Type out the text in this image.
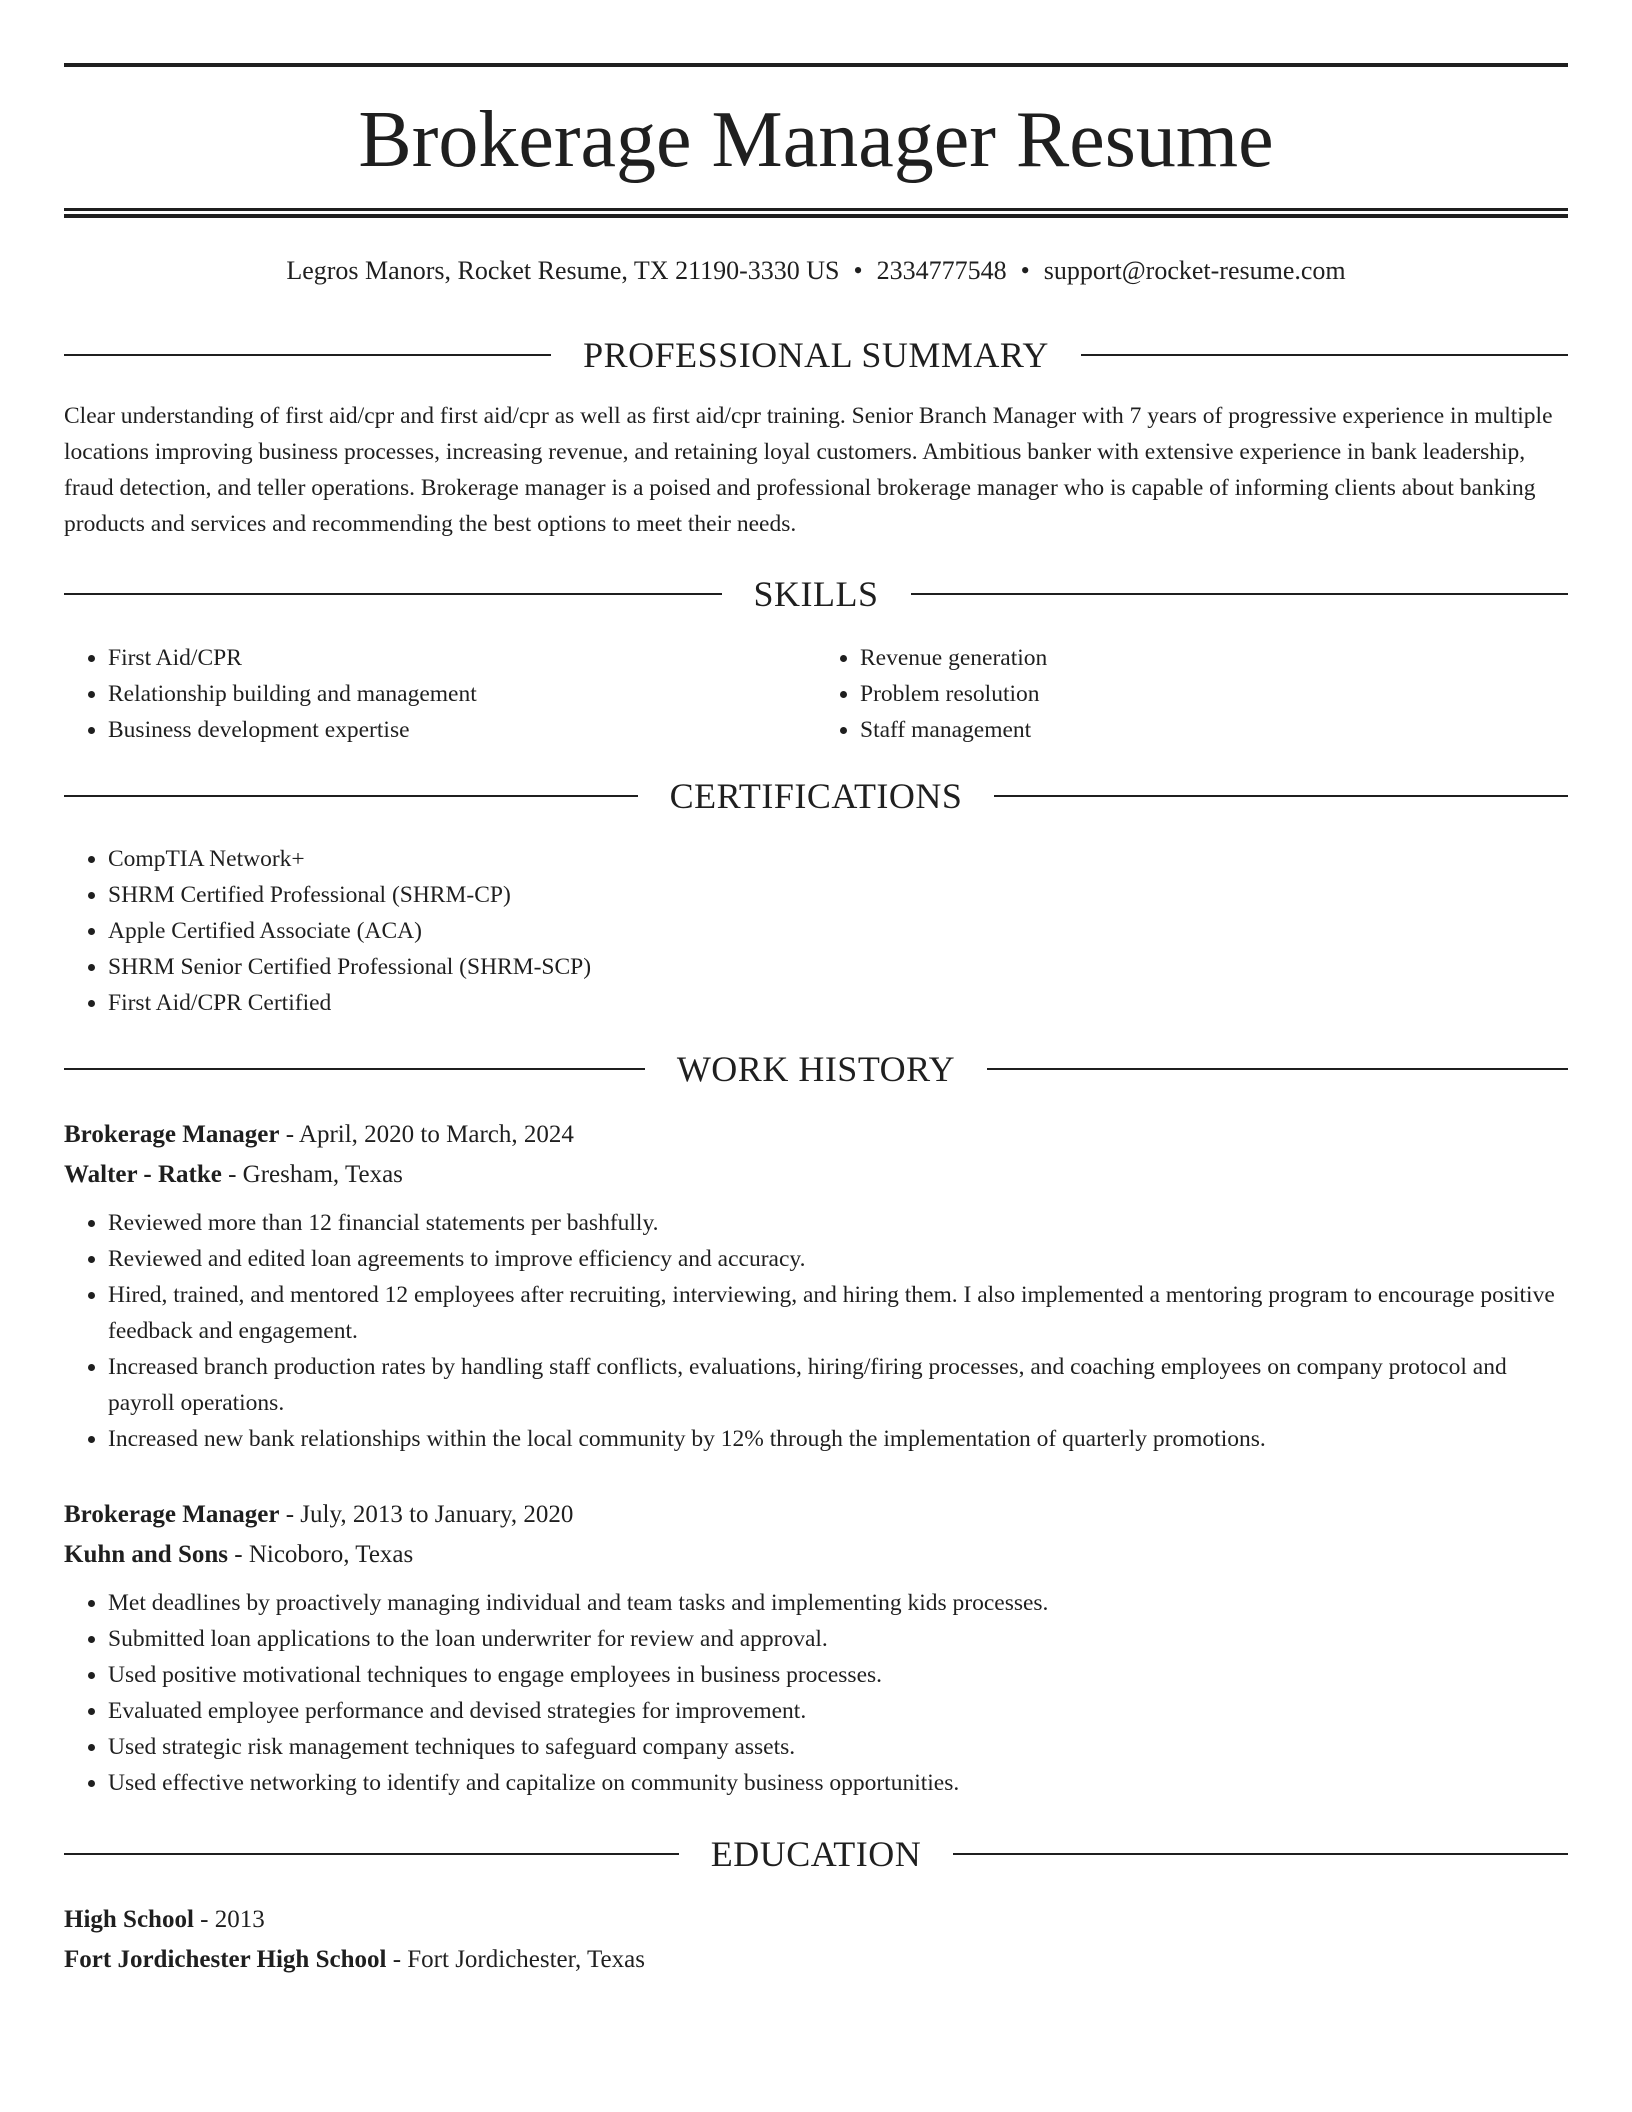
Brokerage Manager Resume
Legros Manors, Rocket Resume, TX 21190-3330 US • 2334777548 • support@rocket-resume.com
PROFESSIONAL SUMMARY

Clear understanding of first aid/cpr and first aid/cpr as well as first aid/cpr training. Senior Branch Manager with 7 years of progressive experience in multiple locations improving business processes, increasing revenue, and retaining loyal customers. Ambitious banker with extensive experience in bank leadership, fraud detection, and teller operations. Brokerage manager is a poised and professional brokerage manager who is capable of informing clients about banking products and services and recommending the best options to meet their needs.

SKILLS
• First Aid/CPR
• Relationship building and management
• Business development expertise
• Revenue generation
• Problem resolution
• Staff management
CERTIFICATIONS
• CompTIA Network+
• SHRM Certified Professional (SHRM-CP)
• Apple Certified Associate (ACA)
• SHRM Senior Certified Professional (SHRM-SCP)
• First Aid/CPR Certified
WORK HISTORY
Brokerage Manager - April, 2020 to March, 2024
Walter - Ratke - Gresham, Texas
• Reviewed more than 12 financial statements per bashfully.
• Reviewed and edited loan agreements to improve efficiency and accuracy.
• Hired, trained, and mentored 12 employees after recruiting, interviewing, and hiring them. I also implemented a mentoring program to encourage positive feedback and engagement.
• Increased branch production rates by handling staff conflicts, evaluations, hiring/firing processes, and coaching employees on company protocol and payroll operations.
• Increased new bank relationships within the local community by 12% through the implementation of quarterly promotions.
Brokerage Manager - July, 2013 to January, 2020
Kuhn and Sons - Nicoboro, Texas
• Met deadlines by proactively managing individual and team tasks and implementing kids processes.
• Submitted loan applications to the loan underwriter for review and approval.
• Used positive motivational techniques to engage employees in business processes.
• Evaluated employee performance and devised strategies for improvement.
• Used strategic risk management techniques to safeguard company assets.
• Used effective networking to identify and capitalize on community business opportunities.
EDUCATION
High School - 2013
Fort Jordichester High School - Fort Jordichester, Texas
